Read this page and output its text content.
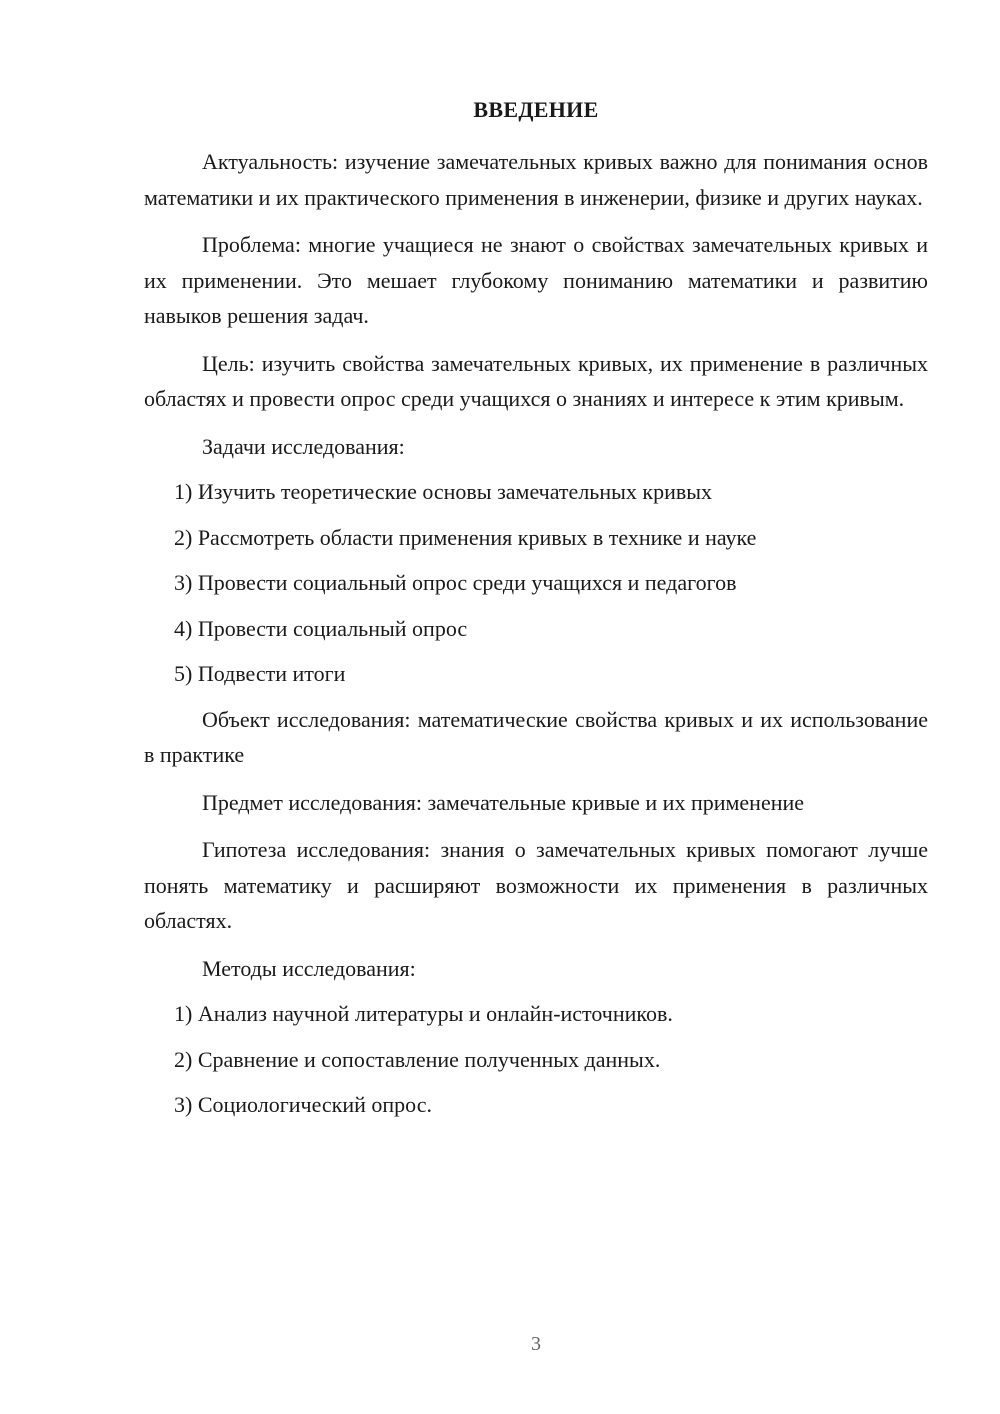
ВВЕДЕНИЕ

Актуальность: изучение замечательных кривых важно для понимания основ математики и их практического применения в инженерии, физике и других науках.

Проблема: многие учащиеся не знают о свойствах замечательных кривых и их применении. Это мешает глубокому пониманию математики и развитию навыков решения задач.

Цель: изучить свойства замечательных кривых, их применение в различных областях и провести опрос среди учащихся о знаниях и интересе к этим кривым.

Задачи исследования:

1) Изучить теоретические основы замечательных кривых
2) Рассмотреть области применения кривых в технике и науке
3) Провести социальный опрос среди учащихся и педагогов
4) Провести социальный опрос
5) Подвести итоги

Объект исследования: математические свойства кривых и их использование в практике

Предмет исследования: замечательные кривые и их применение

Гипотеза исследования: знания о замечательных кривых помогают лучше понять математику и расширяют возможности их применения в различных областях.

Методы исследования:

1) Анализ научной литературы и онлайн-источников.
2) Сравнение и сопоставление полученных данных.
3) Социологический опрос.
3
